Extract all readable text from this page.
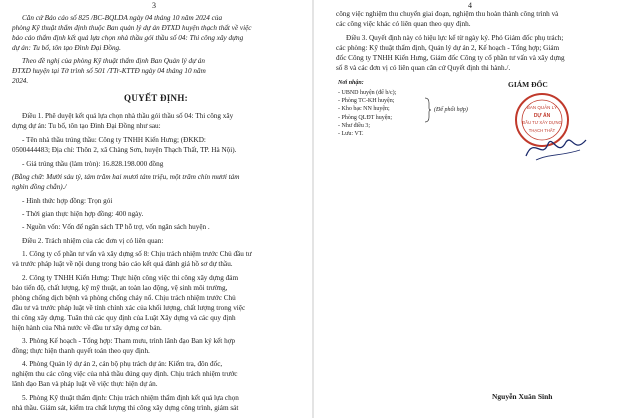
3

Căn cứ Báo cáo số 825 /BC-BQLDA ngày 04 tháng 10 năm 2024 của

phòng Kỹ thuật thẩm định thuộc Ban quản lý dự án ĐTXD huyện thạch thất về việc

báo cáo thẩm định kết quả lựa chọn nhà thầu gói thầu số 04: Thi công xây dựng

dự án: Tu bổ, tôn tạo Đình Đại Đồng.

Theo đề nghị của phòng Kỹ thuật thẩm định Ban Quản lý dự án

ĐTXD huyện tại Tờ trình số 501 /TTr-KTTĐ ngày 04 tháng 10 năm

2024.

QUYẾT ĐỊNH:

Điều 1. Phê duyệt kết quả lựa chọn nhà thầu gói thầu số 04: Thi công xây

dựng dự án: Tu bổ, tôn tạo Đình Đại Đồng như sau:

- Tên nhà thầu trúng thầu: Công ty TNHH Kiến Hưng; (ĐKKD:

0500444483; Địa chỉ: Thôn 2, xã Chàng Sơn, huyện Thạch Thất, TP. Hà Nội).

- Giá trúng thầu (làm tròn): 16.828.198.000 đồng

(Bằng chữ: Mười sáu tỷ, tám trăm hai mươi tám triệu, một trăm chín mươi tám

nghìn đồng chẵn)./

- Hình thức hợp đồng: Trọn gói

- Thời gian thực hiện hợp đồng: 400 ngày.

- Nguồn vốn: Vốn để ngân sách TP hỗ trợ, vốn ngân sách huyện .

Điều 2. Trách nhiệm của các đơn vị có liên quan:

1. Công ty cổ phần tư vấn và xây dựng số 8: Chịu trách nhiệm trước Chủ đầu tư

và trước pháp luật về nội dung trong báo cáo kết quả đánh giá hồ sơ dự thầu.

2. Công ty TNHH Kiến Hưng: Thực hiện công việc thi công xây dựng đảm

bảo tiến độ, chất lượng, kỹ mỹ thuật, an toàn lao động, vệ sinh môi trường,

phòng chống dịch bệnh và phòng chống cháy nổ. Chịu trách nhiệm trước Chủ

đầu tư và trước pháp luật về tính chính xác của khối lượng, chất lượng trong việc

thi công xây dựng. Tuân thủ các quy định của Luật Xây dựng và các quy định

hiện hành của Nhà nước về đầu tư xây dựng cơ bản.

3. Phòng Kế hoạch - Tổng hợp: Tham mưu, trình lãnh đạo Ban ký kết hợp

đồng; thực hiện thanh quyết toán theo quy định.

4. Phòng Quản lý dự án 2, cán bộ phụ trách dự án: Kiểm tra, đôn đốc,

nghiệm thu các công việc của nhà thầu đúng quy định. Chịu trách nhiệm trước

lãnh đạo Ban và pháp luật về việc thực hiện dự án.

5. Phòng Kỹ thuật thẩm định: Chịu trách nhiệm thẩm định kết quả lựa chọn

nhà thầu. Giám sát, kiểm tra chất lượng thi công xây dựng công trình, giám sát

4

công việc nghiệm thu chuyển giai đoạn, nghiệm thu hoàn thành công trình và

các công việc khác có liên quan theo quy định.

Điều 3. Quyết định này có hiệu lực kể từ ngày ký. Phó Giám đốc phụ trách;

các phòng: Kỹ thuật thẩm định, Quản lý dự án 2, Kế hoạch - Tổng hợp; Giám

đốc Công ty TNHH Kiến Hưng, Giám đốc Công ty cổ phần tư vấn và xây dựng

số 8 và các đơn vị có liên quan căn cứ Quyết định thi hành./.

Nơi nhận:
- UBND huyện (để b/c);
- Phòng TC-KH huyện;
- Kho bạc NN huyện;
- Phòng QLĐT huyện;
- Như điều 3;
- Lưu: VT.
(Để phối hợp)
GIÁM ĐỐC
Nguyễn Xuân Sinh
BAN QUẢN LÝ
DỰ ÁN
ĐẦU TƯ XÂY DỰNG
THẠCH THẤT
